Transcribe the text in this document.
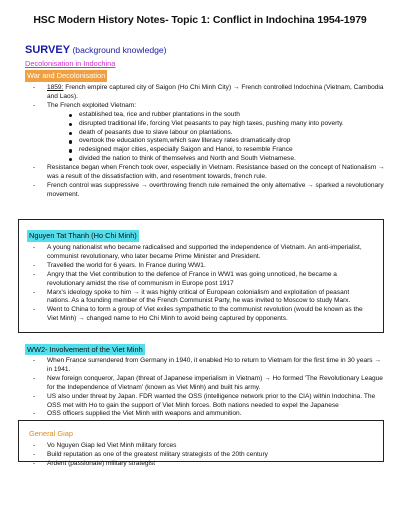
HSC Modern History Notes- Topic 1: Conflict in Indochina 1954-1979
SURVEY (background knowledge)
Decolonisation in Indochina
War and Decolonisation
- 1859: French empire captured city of Saigon (Ho Chi Minh City) → French controlled Indochina (Vietnam, Cambodia and Laos).
- The French exploited Vietnam:
established tea, rice and rubber plantations in the south
disrupted traditional life, forcing Viet peasants to pay high taxes, pushing many into poverty.
death of peasants due to slave labour on plantations.
overtook the education system,which saw literacy rates dramatically drop
redesigned major cities, especially Saigon and Hanoi, to resemble France
divided the nation to think of themselves and North and South Vietnamese.
- Resistance began when French took over, especially in Vietnam. Resistance based on the concept of Nationalism → was a result of the dissatisfaction with, and resentment towards, french rule.
- French control was suppressive → overthrowing french rule remained the only alternative → sparked a revolutionary movement.
Nguyen Tat Thanh (Ho Chi Minh)
- A young nationalist who became radicalised and supported the independence of Vietnam. An anti-imperialist, communist revolutionary, who later became Prime Minister and President.
- Travelled the world for 6 years. In France during WW1.
- Angry that the Viet contribution to the defence of France in WW1 was going unnoticed, he became a revolutionary amidst the rise of communism in Europe post 1917
- Marx's ideology spoke to him → it was highly critical of European colonialism and exploitation of peasant nations. As a founding member of the French Communist Party, he was invited to Moscow to study Marx.
- Went to China to form a group of Viet exiles sympathetic to the communist revolution (would be known as the Viet Minh) → changed name to Ho Chi Minh to avoid being captured by opponents.
WW2- Involvement of the Viet Minh
- When France surrendered from Germany in 1940, it enabled Ho to return to Vietnam for the first time in 30 years → in 1941.
- New foreign conqueror, Japan (threat of Japanese imperialism in Vietnam) → Ho formed 'The Revolutionary League for the Independence of Vietnam' (known as Viet Minh) and built his army.
- US also under threat by Japan. FDR wanted the OSS (intelligence network prior to the CIA) within Indochina. The OSS met with Ho to gain the support of Viet Minh forces. Both nations needed to expel the Japanese
- OSS officers supplied the Viet Minh with weapons and ammunition.
General Giap
- Vo Nguyen Giap led Viet Minh military forces
- Build reputation as one of the greatest military strategists of the 20th century
- Ardent (passionate) military strategist
